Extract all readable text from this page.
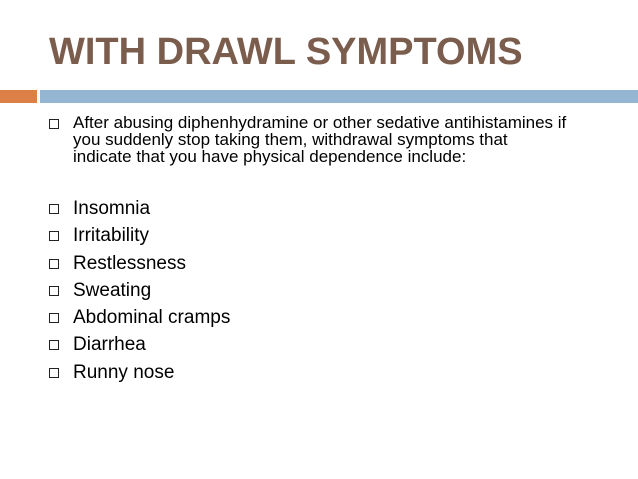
WITH DRAWL SYMPTOMS
After abusing diphenhydramine or other sedative antihistamines if you suddenly stop taking them, withdrawal symptoms that indicate that you have physical dependence include:
Insomnia
Irritability
Restlessness
Sweating
Abdominal cramps
Diarrhea
Runny nose
